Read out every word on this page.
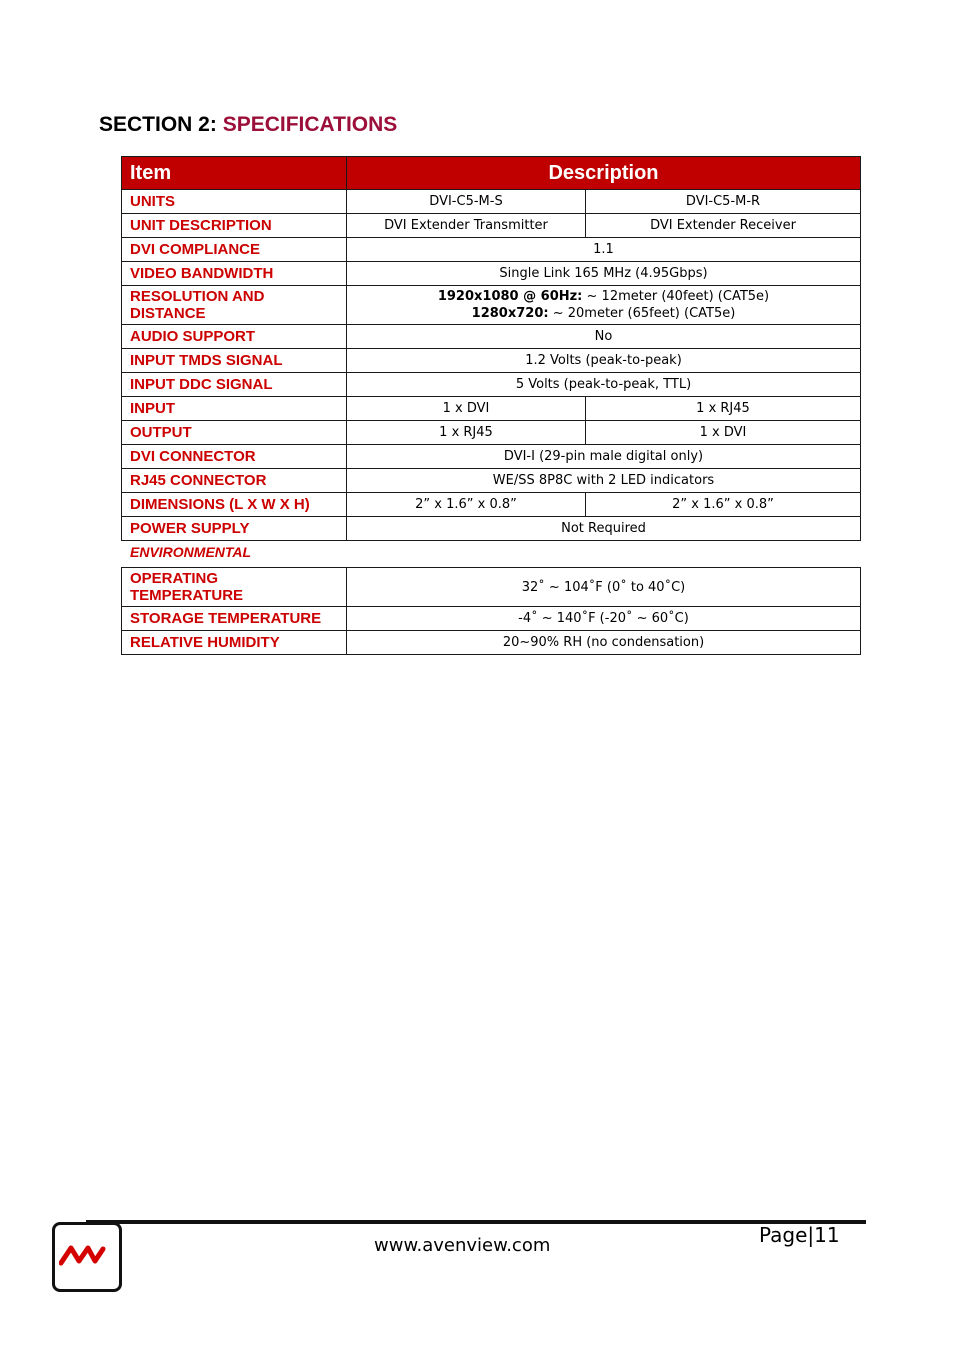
SECTION 2: SPECIFICATIONS
Item	Description	
UNITS	DVI-C5-M-S	DVI-C5-M-R
UNIT DESCRIPTION	DVI Extender Transmitter	DVI Extender Receiver
DVI COMPLIANCE	1.1	
VIDEO BANDWIDTH	Single Link 165 MHz (4.95Gbps)	
RESOLUTION AND
DISTANCE	1920x1080 @ 60Hz: ~ 12meter (40feet) (CAT5e)
1280x720: ~ 20meter (65feet) (CAT5e)	
AUDIO SUPPORT	No	
INPUT TMDS SIGNAL	1.2 Volts (peak-to-peak)	
INPUT DDC SIGNAL	5 Volts (peak-to-peak, TTL)	
INPUT	1 x DVI	1 x RJ45
OUTPUT	1 x RJ45	1 x DVI
DVI CONNECTOR	DVI-I (29-pin male digital only)	
RJ45 CONNECTOR	WE/SS 8P8C with 2 LED indicators	
DIMENSIONS (L X W X H)	2” x 1.6” x 0.8”	2” x 1.6” x 0.8”
POWER SUPPLY	Not Required	
ENVIRONMENTAL
OPERATING
TEMPERATURE	32˚ ~ 104˚F (0˚ to 40˚C)
STORAGE TEMPERATURE	-4˚ ~ 140˚F (-20˚ ~ 60˚C)
RELATIVE HUMIDITY	20~90% RH (no condensation)
www.avenview.com	Page|11
